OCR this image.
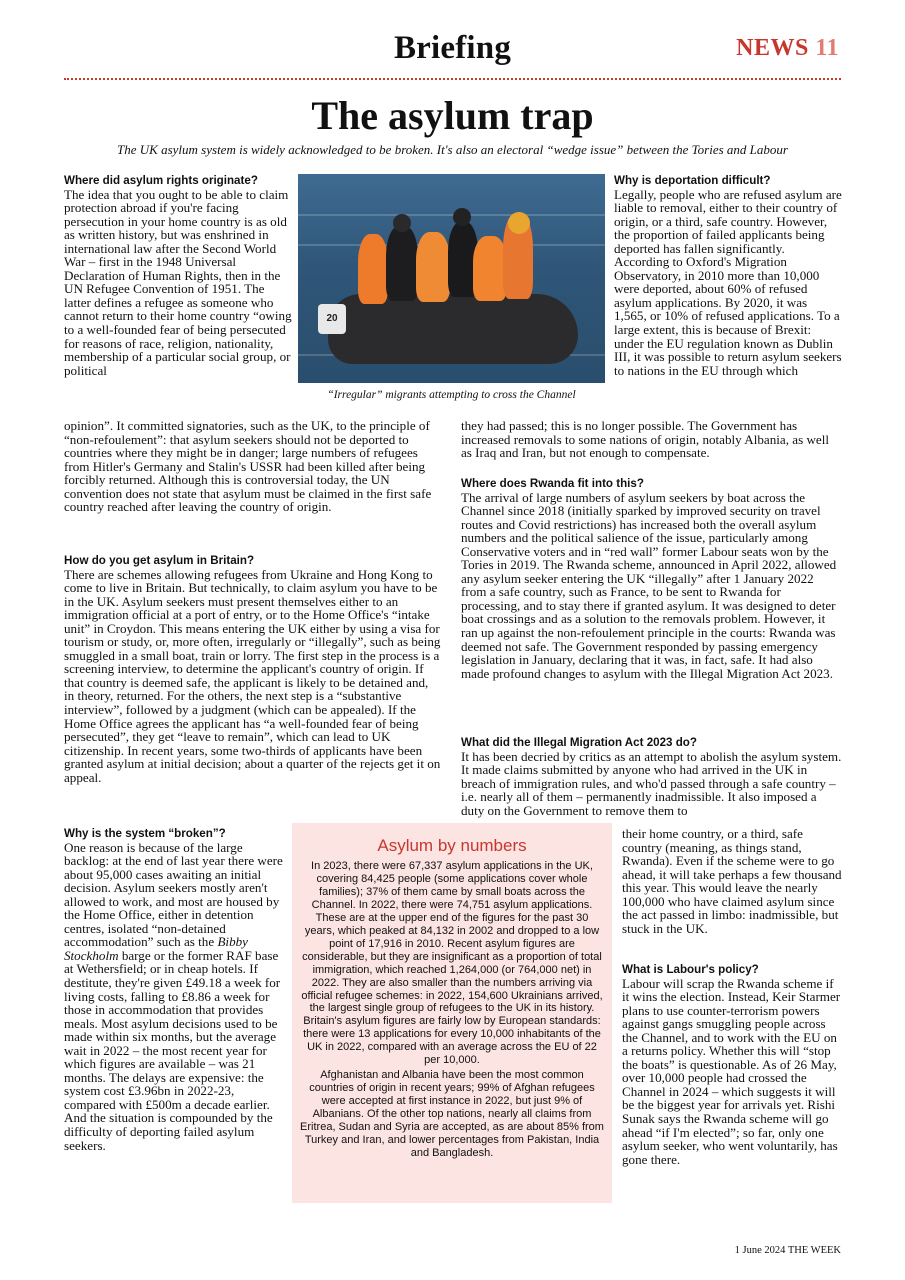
Briefing	NEWS 11
The asylum trap
The UK asylum system is widely acknowledged to be broken. It's also an electoral “wedge issue” between the Tories and Labour
Where did asylum rights originate?

The idea that you ought to be able to claim protection abroad if you're facing persecution in your home country is as old as written history, but was enshrined in international law after the Second World War – first in the 1948 Universal Declaration of Human Rights, then in the UN Refugee Convention of 1951. The latter defines a refugee as someone who cannot return to their home country “owing to a well-founded fear of being persecuted for reasons of race, religion, nationality, membership of a particular social group, or political

opinion”. It committed signatories, such as the UK, to the principle of “non-refoulement”: that asylum seekers should not be deported to countries where they might be in danger; large numbers of refugees from Hitler's Germany and Stalin's USSR had been killed after being forcibly returned. Although this is controversial today, the UN convention does not state that asylum must be claimed in the first safe country reached after leaving the country of origin.

20
“Irregular” migrants attempting to cross the Channel
Why is deportation difficult?

Legally, people who are refused asylum are liable to removal, either to their country of origin, or a third, safe country. However, the proportion of failed applicants being deported has fallen significantly. According to Oxford's Migration Observatory, in 2010 more than 10,000 were deported, about 60% of refused asylum applications. By 2020, it was 1,565, or 10% of refused applications. To a large extent, this is because of Brexit: under the EU regulation known as Dublin III, it was possible to return asylum seekers to nations in the EU through which

they had passed; this is no longer possible. The Government has increased removals to some nations of origin, notably Albania, as well as Iraq and Iran, but not enough to compensate.

How do you get asylum in Britain?

There are schemes allowing refugees from Ukraine and Hong Kong to come to live in Britain. But technically, to claim asylum you have to be in the UK. Asylum seekers must present themselves either to an immigration official at a port of entry, or to the Home Office's “intake unit” in Croydon. This means entering the UK either by using a visa for tourism or study, or, more often, irregularly or “illegally”, such as being smuggled in a small boat, train or lorry. The first step in the process is a screening interview, to determine the applicant's country of origin. If that country is deemed safe, the applicant is likely to be detained and, in theory, returned. For the others, the next step is a “substantive interview”, followed by a judgment (which can be appealed). If the Home Office agrees the applicant has “a well-founded fear of being persecuted”, they get “leave to remain”, which can lead to UK citizenship. In recent years, some two-thirds of applicants have been granted asylum at initial decision; about a quarter of the rejects get it on appeal.

Where does Rwanda fit into this?

The arrival of large numbers of asylum seekers by boat across the Channel since 2018 (initially sparked by improved security on travel routes and Covid restrictions) has increased both the overall asylum numbers and the political salience of the issue, particularly among Conservative voters and in “red wall” former Labour seats won by the Tories in 2019. The Rwanda scheme, announced in April 2022, allowed any asylum seeker entering the UK “illegally” after 1 January 2022 from a safe country, such as France, to be sent to Rwanda for processing, and to stay there if granted asylum. It was designed to deter boat crossings and as a solution to the removals problem. However, it ran up against the non-refoulement principle in the courts: Rwanda was deemed not safe. The Government responded by passing emergency legislation in January, declaring that it was, in fact, safe. It had also made profound changes to asylum with the Illegal Migration Act 2023.

What did the Illegal Migration Act 2023 do?

It has been decried by critics as an attempt to abolish the asylum system. It made claims submitted by anyone who had arrived in the UK in breach of immigration rules, and who'd passed through a safe country – i.e. nearly all of them – permanently inadmissible. It also imposed a duty on the Government to remove them to

their home country, or a third, safe country (meaning, as things stand, Rwanda). Even if the scheme were to go ahead, it will take perhaps a few thousand this year. This would leave the nearly 100,000 who have claimed asylum since the act passed in limbo: inadmissible, but stuck in the UK.

Why is the system “broken”?

One reason is because of the large backlog: at the end of last year there were about 95,000 cases awaiting an initial decision. Asylum seekers mostly aren't allowed to work, and most are housed by the Home Office, either in detention centres, isolated “non-detained accommodation” such as the Bibby Stockholm barge or the former RAF base at Wethersfield; or in cheap hotels. If destitute, they're given £49.18 a week for living costs, falling to £8.86 a week for those in accommodation that provides meals. Most asylum decisions used to be made within six months, but the average wait in 2022 – the most recent year for which figures are available – was 21 months. The delays are expensive: the system cost £3.96bn in 2022-23, compared with £500m a decade earlier. And the situation is compounded by the difficulty of deporting failed asylum seekers.

What is Labour's policy?

Labour will scrap the Rwanda scheme if it wins the election. Instead, Keir Starmer plans to use counter-terrorism powers against gangs smuggling people across the Channel, and to work with the EU on a returns policy. Whether this will “stop the boats” is questionable. As of 26 May, over 10,000 people had crossed the Channel in 2024 – which suggests it will be the biggest year for arrivals yet. Rishi Sunak says the Rwanda scheme will go ahead “if I'm elected”; so far, only one asylum seeker, who went voluntarily, has gone there.

Asylum by numbers

In 2023, there were 67,337 asylum applications in the UK, covering 84,425 people (some applications cover whole families); 37% of them came by small boats across the Channel. In 2022, there were 74,751 asylum applications. These are at the upper end of the figures for the past 30 years, which peaked at 84,132 in 2002 and dropped to a low point of 17,916 in 2010. Recent asylum figures are considerable, but they are insignificant as a proportion of total immigration, which reached 1,264,000 (or 764,000 net) in 2022. They are also smaller than the numbers arriving via official refugee schemes: in 2022, 154,600 Ukrainians arrived, the largest single group of refugees to the UK in its history. Britain's asylum figures are fairly low by European standards: there were 13 applications for every 10,000 inhabitants of the UK in 2022, compared with an average across the EU of 22 per 10,000.

Afghanistan and Albania have been the most common countries of origin in recent years; 99% of Afghan refugees were accepted at first instance in 2022, but just 9% of Albanians. Of the other top nations, nearly all claims from Eritrea, Sudan and Syria are accepted, as are about 85% from Turkey and Iran, and lower percentages from Pakistan, India and Bangladesh.

1 June 2024 THE WEEK
